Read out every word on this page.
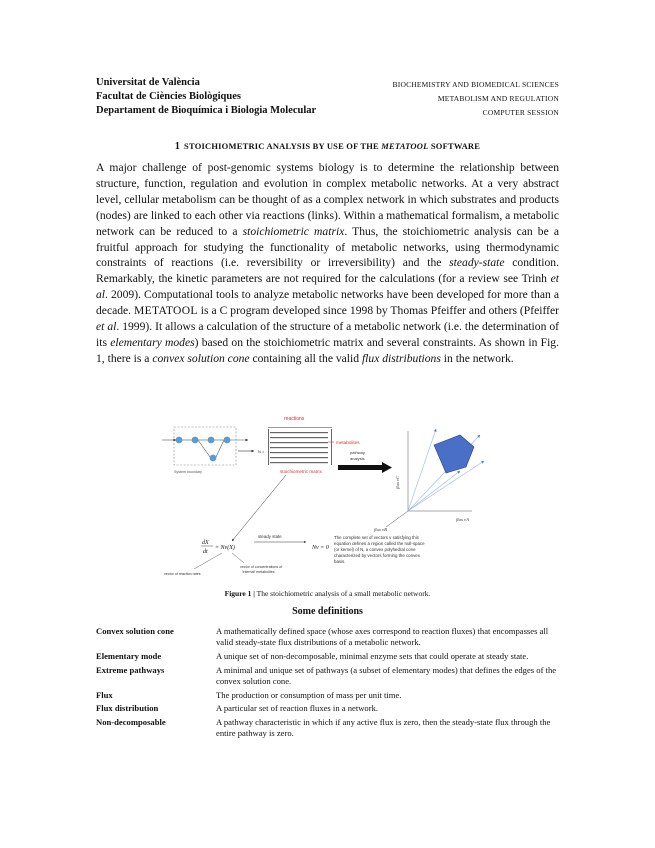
Universitat de València
Facultat de Ciències Biològiques
Departament de Bioquímica i Biologia Molecular
BIOCHEMISTRY AND BIOMEDICAL SCIENCES
METABOLISM AND REGULATION
COMPUTER SESSION
1 STOICHIOMETRIC ANALYSIS BY USE OF THE METATOOL SOFTWARE

A major challenge of post-genomic systems biology is to determine the relationship between structure, function, regulation and evolution in complex metabolic networks. At a very abstract level, cellular metabolism can be thought of as a complex network in which substrates and products (nodes) are linked to each other via reactions (links). Within a mathematical formalism, a metabolic network can be reduced to a stoichiometric matrix. Thus, the stoichiometric analysis can be a fruitful approach for studying the functionality of metabolic networks, using thermodynamic constraints of reactions (i.e. reversibility or irreversibility) and the steady-state condition. Remarkably, the kinetic parameters are not required for the calculations (for a review see Trinh et al. 2009). Computational tools to analyze metabolic networks have been developed for more than a decade. METATOOL is a C program developed since 1998 by Thomas Pfeiffer and others (Pfeiffer et al. 1999). It allows a calculation of the structure of a metabolic network (i.e. the determination of its elementary modes) based on the stoichiometric matrix and several constraints. As shown in Fig. 1, there is a convex solution cone containing all the valid flux distributions in the network.

System boundary
reactions
N =
stoichiometric matrix
metabolites
pathway
analysis
flux vC
flux vB
flux vA
dX
dt
= Nv(X)
steady state
Nv = 0
vector of reaction rates
vector of concentrations of
'internal' metabolites
The complete set of vectors v satisfying this
equation defines a region called the null-space
(or kernel) of N, a convex polyhedral cone
characterized by vectors forming the convex
basis.
Figure 1 | The stoichiometric analysis of a small metabolic network.
Some definitions
Convex solution cone	A mathematically defined space (whose axes correspond to reaction fluxes) that encompasses all valid steady-state flux distributions of a metabolic network.
Elementary mode	A unique set of non-decomposable, minimal enzyme sets that could operate at steady state.
Extreme pathways	A minimal and unique set of pathways (a subset of elementary modes) that defines the edges of the convex solution cone.
Flux	The production or consumption of mass per unit time.
Flux distribution	A particular set of reaction fluxes in a network.
Non-decomposable	A pathway characteristic in which if any active flux is zero, then the steady-state flux through the entire pathway is zero.
